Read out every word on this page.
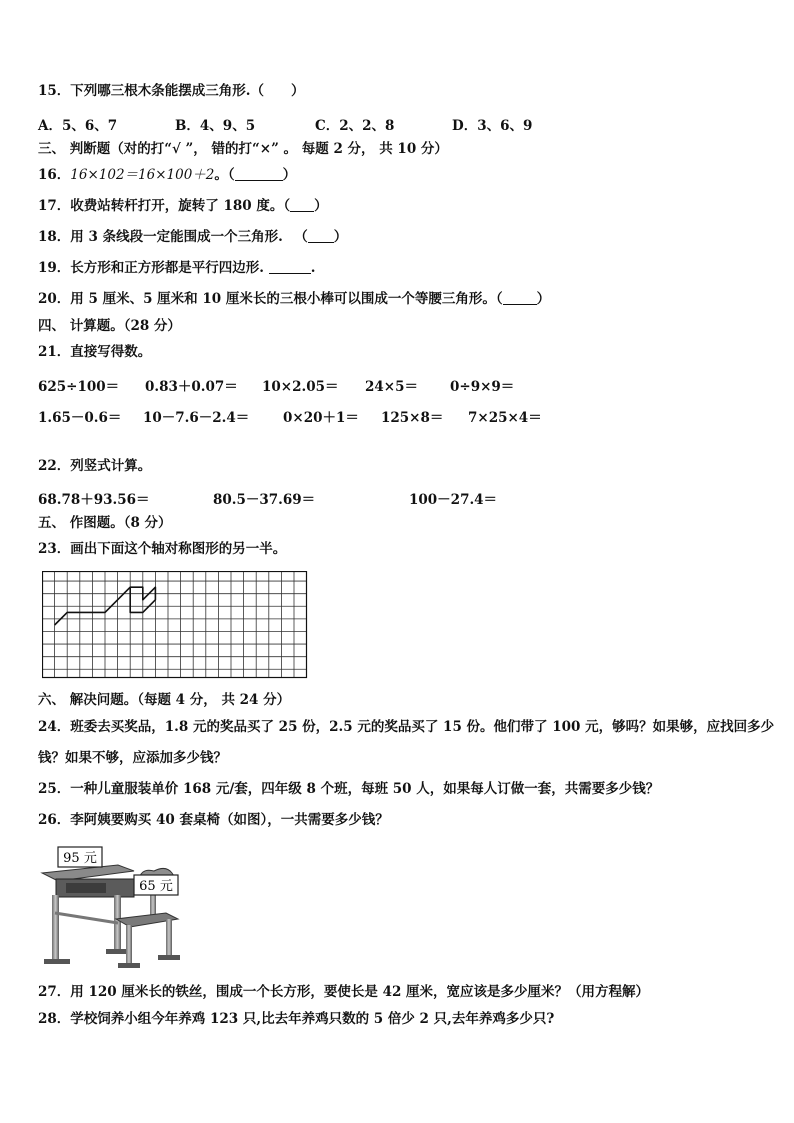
15．下列哪三根木条能摆成三角形.（　　）
A．5、6、7	B．4、9、5	C．2、2、8	D．3、6、9
三、 判断题（对的打“√ ”， 错的打“×” 。 每题 2 分， 共 10 分）
16．16×102＝16×100＋2。（	）
17．收费站转杆打开，旋转了 180 度。（ ）
18．用 3 条线段一定能围成一个三角形. 　（ ）
19．长方形和正方形都是平行四边形.	.
20．用 5 厘米、5 厘米和 10 厘米长的三根小棒可以围成一个等腰三角形。（	）
四、 计算题。（28 分）
21．直接写得数。
625÷100＝ 0.83＋0.07＝ 10×2.05＝ 24×5＝ 0÷9×9＝
1.65－0.6＝ 10－7.6－2.4＝ 0×20＋1＝ 125×8＝ 7×25×4＝
22．列竖式计算。
68.78＋93.56＝	80.5－37.69＝	100－27.4＝
五、 作图题。（8 分）
23．画出下面这个轴对称图形的另一半。
六、 解决问题。（每题 4 分， 共 24 分）
24．班委去买奖品，1.8 元的奖品买了 25 份，2.5 元的奖品买了 15 份。他们带了 100 元，够吗？如果够，应找回多少
钱？如果不够，应添加多少钱？
25．一种儿童服装单价 168 元/套，四年级 8 个班，每班 50 人，如果每人订做一套，共需要多少钱？
26．李阿姨要购买 40 套桌椅（如图），一共需要多少钱？
95 元
65 元
27．用 120 厘米长的铁丝，围成一个长方形，要使长是 42 厘米，宽应该是多少厘米？（用方程解）
28．学校饲养小组今年养鸡 123 只,比去年养鸡只数的 5 倍少 2 只,去年养鸡多少只?
